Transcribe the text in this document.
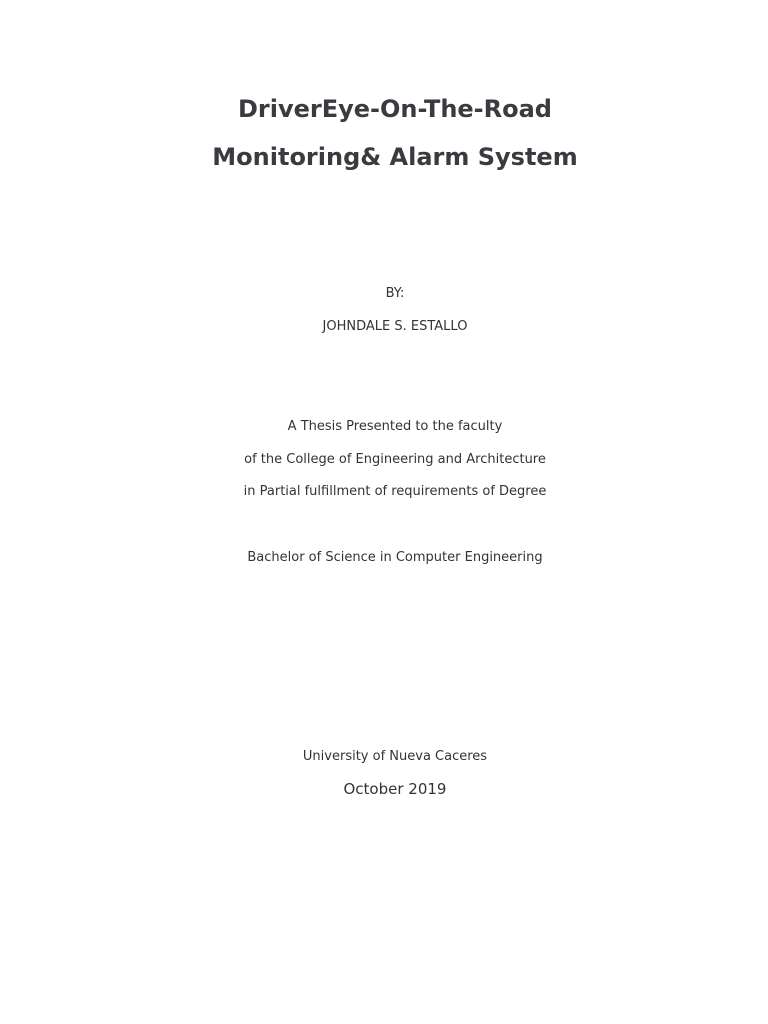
DriverEye-On-The-Road
Monitoring& Alarm System
BY:
JOHNDALE S. ESTALLO
A Thesis Presented to the faculty
of the College of Engineering and Architecture
in Partial fulfillment of requirements of Degree
Bachelor of Science in Computer Engineering
University of Nueva Caceres
October 2019
